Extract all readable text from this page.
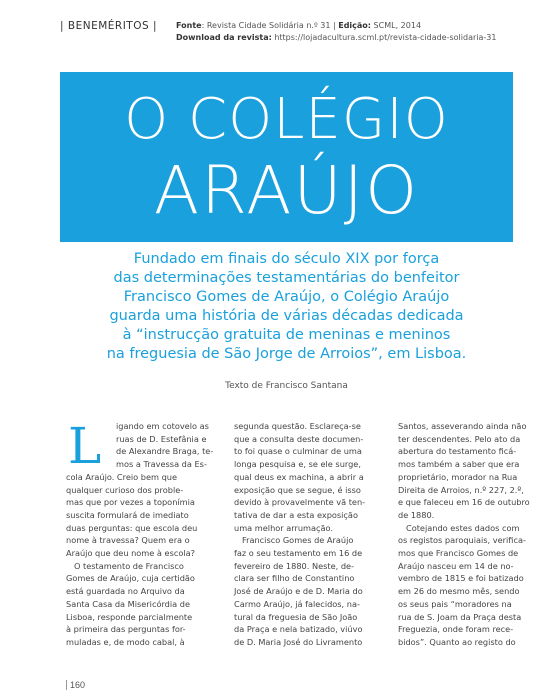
| BENEMÉRITOS | Fonte: Revista Cidade Solidária n.º 31 | Edição: SCML, 2014
Download da revista: https://lojadacultura.scml.pt/revista-cidade-solidaria-31
O COLÉGIO
ARAÚJO
Fundado em finais do século XIX por força
das determinações testamentárias do benfeitor
Francisco Gomes de Araújo, o Colégio Araújo
guarda uma história de várias décadas dedicada
à “instrucção gratuita de meninas e meninos
na freguesia de São Jorge de Arroios”, em Lisboa.
Texto de Francisco Santana
L	igando em cotovelo as
ruas de D. Estefânia e
de Alexandre Braga, te-
mos a Travessa da Es-
cola Araújo. Creio bem que
qualquer curioso dos proble-
mas que por vezes a toponímia
suscita formulará de imediato
duas perguntas: que escola deu
nome à travessa? Quem era o
Araújo que deu nome à escola?
O testamento de Francisco
Gomes de Araújo, cuja certidão
está guardada no Arquivo da
Santa Casa da Misericórdia de
Lisboa, responde parcialmente
à primeira das perguntas for-
muladas e, de modo cabal, à
segunda questão. Esclareça-se
que a consulta deste documen-
to foi quase o culminar de uma
longa pesquisa e, se ele surge,
qual deus ex machina, a abrir a
exposição que se segue, é isso
devido à provavelmente vã ten-
tativa de dar a esta exposição
uma melhor arrumação.
Francisco Gomes de Araújo
faz o seu testamento em 16 de
fevereiro de 1880. Neste, de-
clara ser filho de Constantino
José de Araújo e de D. Maria do
Carmo Araújo, já falecidos, na-
tural da freguesia de São João
da Praça e nela batizado, viúvo
de D. Maria José do Livramento
Santos, asseverando ainda não
ter descendentes. Pelo ato da
abertura do testamento ficá-
mos também a saber que era
proprietário, morador na Rua
Direita de Arroios, n.º 227, 2.º,
e que faleceu em 16 de outubro
de 1880.
Cotejando estes dados com
os registos paroquiais, verifica-
mos que Francisco Gomes de
Araújo nasceu em 14 de no-
vembro de 1815 e foi batizado
em 26 do mesmo mês, sendo
os seus pais “moradores na
rua de S. Joam da Praça desta
Freguezia, onde foram rece-
bidos”. Quanto ao registo do
160
